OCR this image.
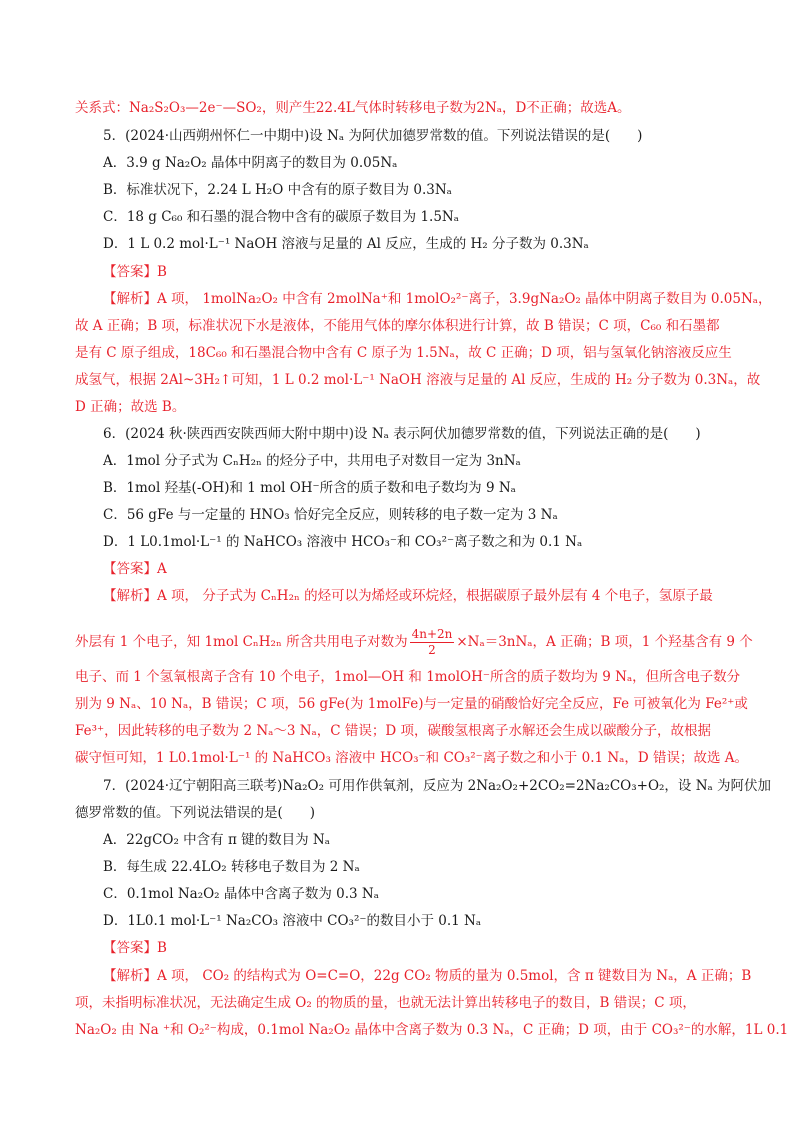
关系式：Na₂S₂O₃—2e⁻—SO₂，则产生22.4L气体时转移电子数为2Nₐ，D不正确；故选A。
5．(2024·山西朔州怀仁一中期中)设 Nₐ 为阿伏加德罗常数的值。下列说法错误的是(　　)
A．3.9 g Na₂O₂ 晶体中阴离子的数目为 0.05Nₐ
B．标准状况下，2.24 L H₂O 中含有的原子数目为 0.3Nₐ
C．18 g C₆₀ 和石墨的混合物中含有的碳原子数目为 1.5Nₐ
D．1 L 0.2 mol·L⁻¹ NaOH 溶液与足量的 Al 反应，生成的 H₂ 分子数为 0.3Nₐ
【答案】B
【解析】A 项， 1molNa₂O₂ 中含有 2molNa⁺和 1molO₂²⁻离子，3.9gNa₂O₂ 晶体中阴离子数目为 0.05Nₐ，
故 A 正确；B 项，标准状况下水是液体，不能用气体的摩尔体积进行计算，故 B 错误；C 项，C₆₀ 和石墨都
是有 C 原子组成，18C₆₀ 和石墨混合物中含有 C 原子为 1.5Nₐ，故 C 正确；D 项，铝与氢氧化钠溶液反应生
成氢气，根据 2Al~3H₂↑可知，1 L 0.2 mol·L⁻¹ NaOH 溶液与足量的 Al 反应，生成的 H₂ 分子数为 0.3Nₐ，故
D 正确；故选 B。
6．(2024 秋·陕西西安陕西师大附中期中)设 Nₐ 表示阿伏加德罗常数的值，下列说法正确的是(　　)
A．1mol 分子式为 CₙH₂ₙ 的烃分子中，共用电子对数目一定为 3nNₐ
B．1mol 羟基(-OH)和 1 mol OH⁻所含的质子数和电子数均为 9 Nₐ
C．56 gFe 与一定量的 HNO₃ 恰好完全反应，则转移的电子数一定为 3 Nₐ
D．1 L0.1mol·L⁻¹ 的 NaHCO₃ 溶液中 HCO₃⁻和 CO₃²⁻离子数之和为 0.1 Nₐ
【答案】A
【解析】A 项， 分子式为 CₙH₂ₙ 的烃可以为烯烃或环烷烃，根据碳原子最外层有 4 个电子，氢原子最
外层有 1 个电子，知 1mol CₙH₂ₙ 所含共用电子对数为 $\frac{4n+2n}{2} \times N_a=3nN_a$，A 正确；B 项，1 个羟基含有 9 个
电子、而 1 个氢氧根离子含有 10 个电子，1mol—OH 和 1molOH⁻所含的质子数均为 9 Nₐ，但所含电子数分
别为 9 Nₐ、10 Nₐ，B 错误；C 项，56 gFe(为 1molFe)与一定量的硝酸恰好完全反应，Fe 可被氧化为 Fe²⁺或
Fe³⁺，因此转移的电子数为 2 Nₐ～3 Nₐ，C 错误；D 项，碳酸氢根离子水解还会生成以碳酸分子，故根据
碳守恒可知，1 L0.1mol·L⁻¹ 的 NaHCO₃ 溶液中 HCO₃⁻和 CO₃²⁻离子数之和小于 0.1 Nₐ，D 错误；故选 A。
7．(2024·辽宁朝阳高三联考)Na₂O₂ 可用作供氧剂，反应为 2Na₂O₂+2CO₂=2Na₂CO₃+O₂，设 Nₐ 为阿伏加
德罗常数的值。下列说法错误的是(　　)
A．22gCO₂ 中含有 π 键的数目为 Nₐ
B．每生成 22.4LO₂ 转移电子数目为 2 Nₐ
C．0.1mol Na₂O₂ 晶体中含离子数为 0.3 Nₐ
D．1L0.1 mol·L⁻¹ Na₂CO₃ 溶液中 CO₃²⁻的数目小于 0.1 Nₐ
【答案】B
【解析】A 项， CO₂ 的结构式为 O=C=O，22g CO₂ 物质的量为 0.5mol，含 π 键数目为 Nₐ，A 正确；B
项，未指明标准状况，无法确定生成 O₂ 的物质的量，也就无法计算出转移电子的数目，B 错误；C 项，
Na₂O₂ 由 Na ⁺和 O₂²⁻构成，0.1mol Na₂O₂ 晶体中含离子数为 0.3 Nₐ，C 正确；D 项，由于 CO₃²⁻的水解，1L 0.1
